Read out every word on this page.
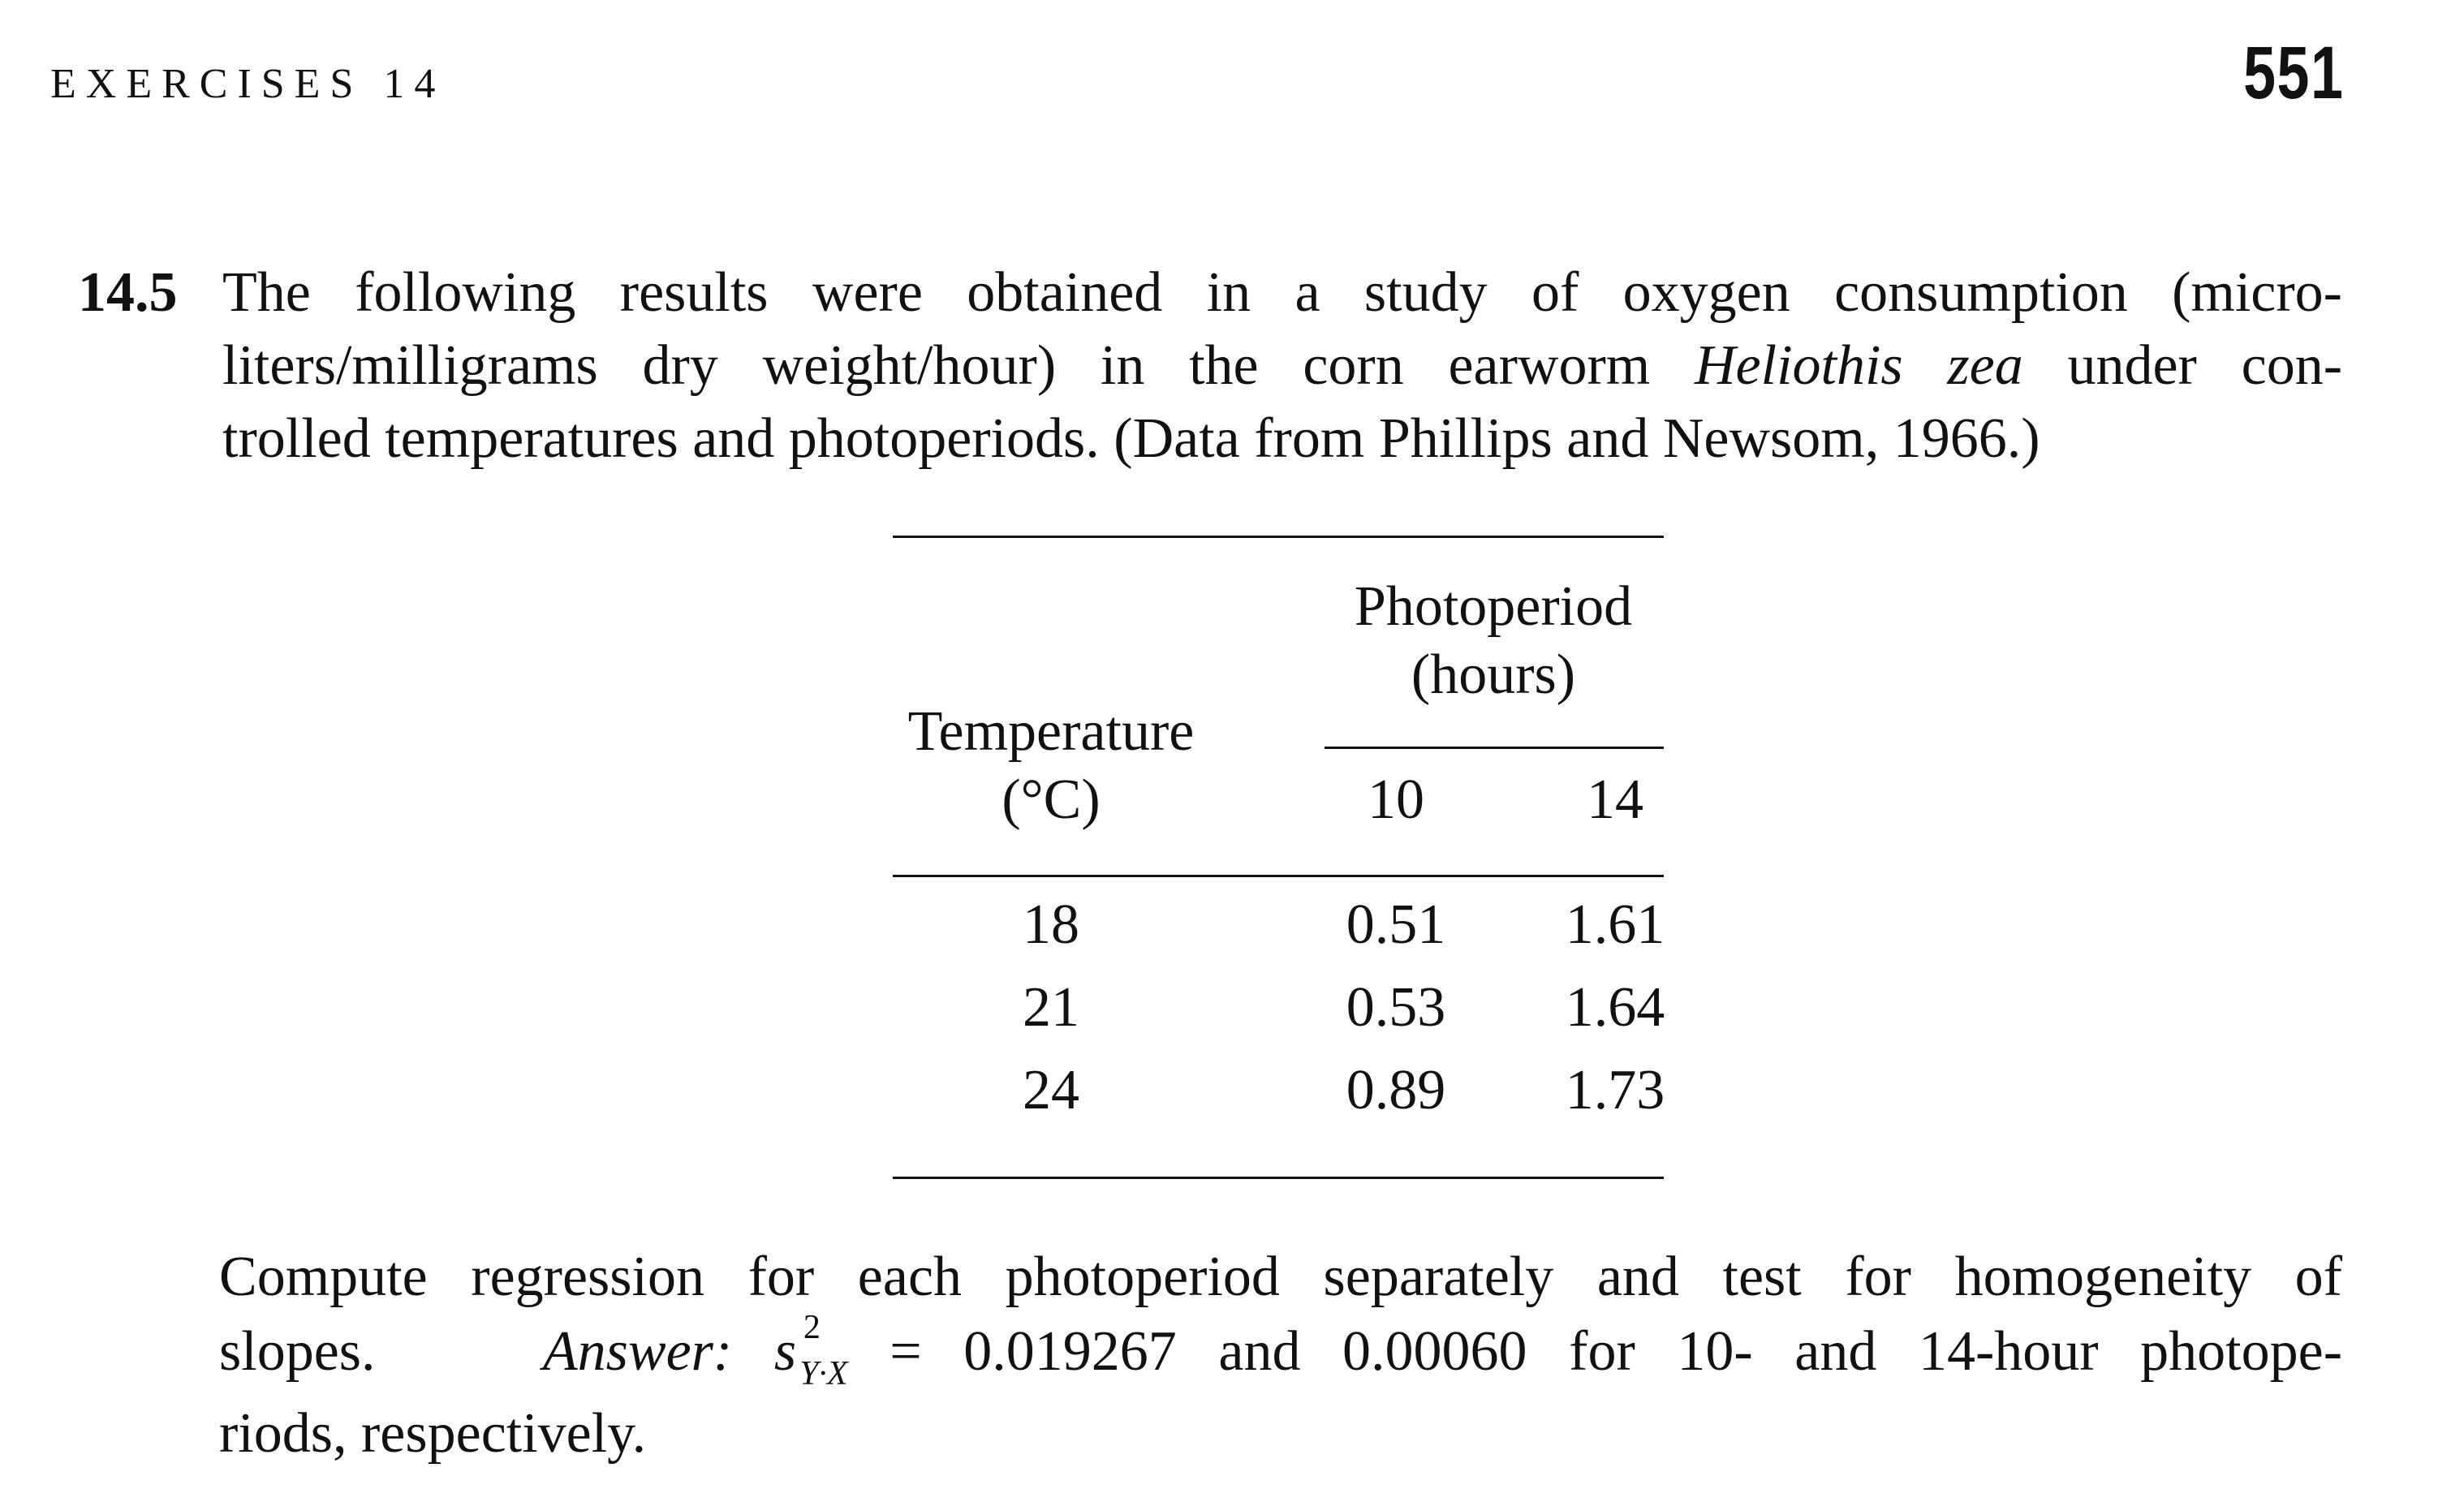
EXERCISES 14	551
14.5 The following results were obtained in a study of oxygen consumption (micro-
liters/milligrams dry weight/hour) in the corn earworm Heliothis zea under con-
trolled temperatures and photoperiods. (Data from Phillips and Newsom, 1966.)
Photoperiod
(hours)
Temperature
(°C)	10	14
18	0.51	1.61
21	0.53	1.64
24	0.89	1.73
Compute regression for each photoperiod separately and test for homogeneity of
slopes.	Answer: s 2
$_{Y\cdot X}$ = 0.019267 and 0.00060 for 10- and 14-hour photope-
riods, respectively.
